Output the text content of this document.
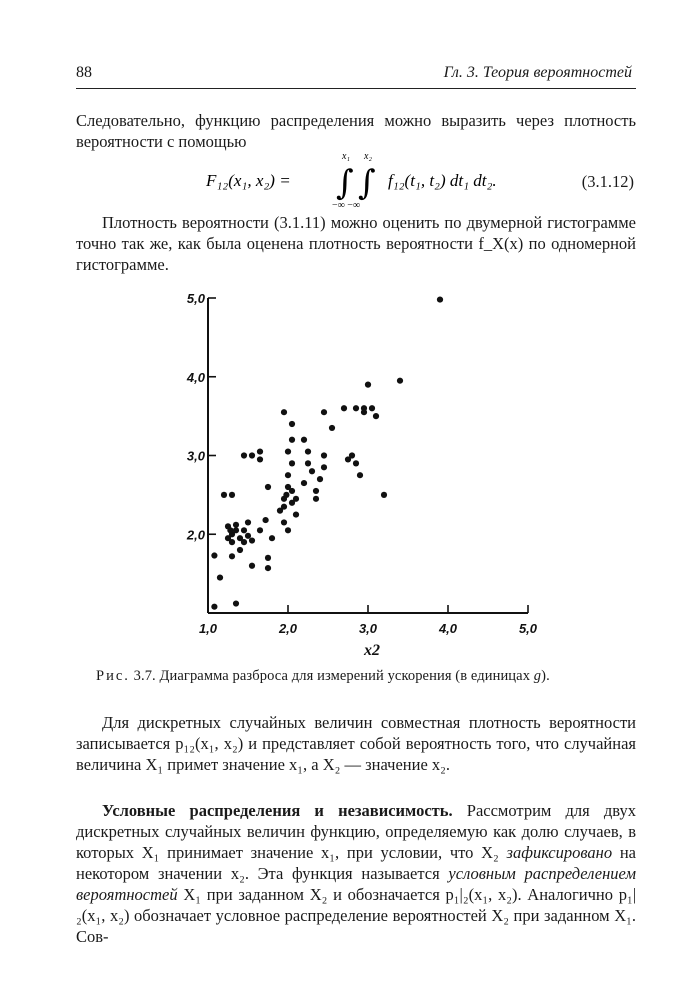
88	Гл. 3. Теория вероятностей

Следовательно, функцию распределения можно выразить через плотность вероятности с помощью

F₁₂(x₁, x₂) = ∫ ∫
x₁ x₂
−∞ −∞
f₁₂(t₁, t₂) dt₁ dt₂.	(3.1.12)

Плотность вероятности (3.1.11) можно оценить по двумерной гистограмме точно так же, как была оценена плотность вероятности f_X(x) по одномерной гистограмме.

1,0	2,0	3,0	4,0	5,0
2,0
3,0
4,0
5,0
x2
Рис. 3.7. Диаграмма разброса для измерений ускорения (в единицах g).

Для дискретных случайных величин совместная плотность вероятности записывается p₁₂(x₁, x₂) и представляет собой вероятность того, что случайная величина X₁ примет значение x₁, а X₂ — значение x₂.

Условные распределения и независимость. Рассмотрим для двух дискретных случайных величин функцию, определяемую как долю случаев, в которых X₁ принимает значение x₁, при условии, что X₂ зафиксировано на некотором значении x₂. Эта функция называется условным распределением вероятностей X₁ при заданном X₂ и обозначается p₁|₂(x₁, x₂). Аналогично p₁|₂(x₁, x₂) обозначает условное распределение вероятностей X₂ при заданном X₁. Сов-
